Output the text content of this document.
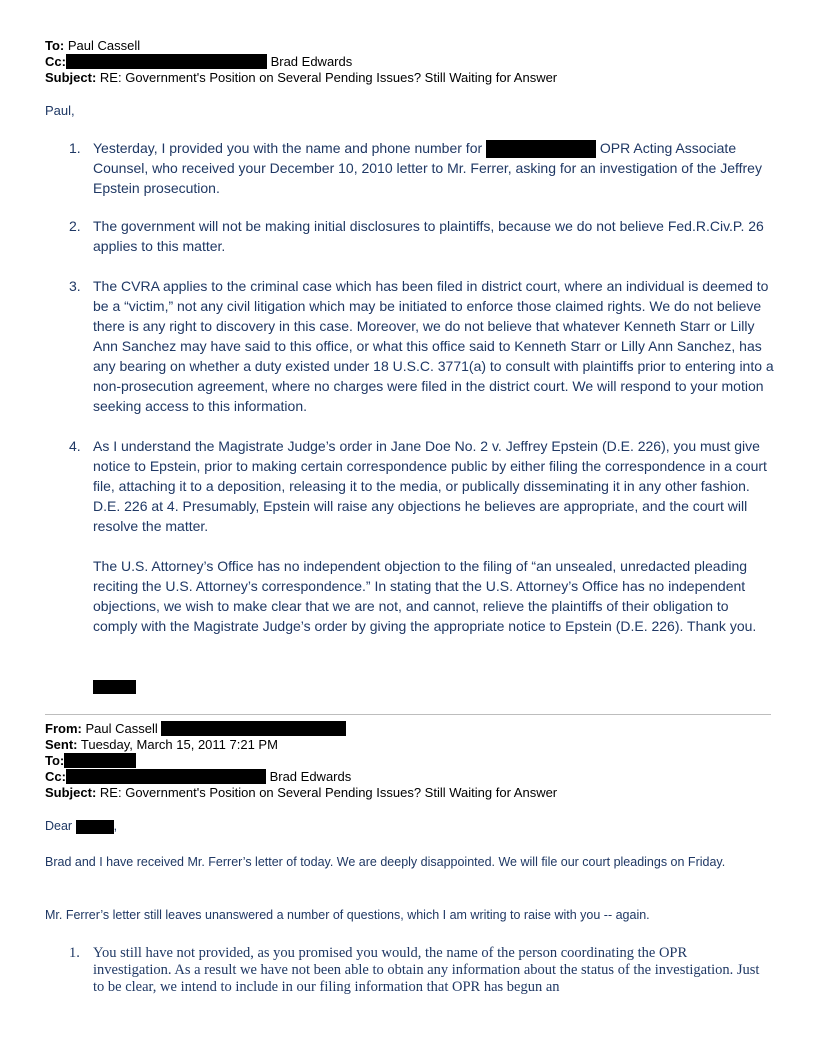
To: Paul Cassell
Cc:	Brad Edwards
Subject: RE: Government's Position on Several Pending Issues? Still Waiting for Answer
Paul,
1. Yesterday, I provided you with the name and phone number for	OPR Acting Associate Counsel, who received your December 10, 2010 letter to Mr. Ferrer, asking for an investigation of the Jeffrey Epstein prosecution.
2. The government will not be making initial disclosures to plaintiffs, because we do not believe Fed.R.Civ.P. 26 applies to this matter.
3. The CVRA applies to the criminal case which has been filed in district court, where an individual is deemed to be a “victim,” not any civil litigation which may be initiated to enforce those claimed rights. We do not believe there is any right to discovery in this case. Moreover, we do not believe that whatever Kenneth Starr or Lilly Ann Sanchez may have said to this office, or what this office said to Kenneth Starr or Lilly Ann Sanchez, has any bearing on whether a duty existed under 18 U.S.C. 3771(a) to consult with plaintiffs prior to entering into a non-prosecution agreement, where no charges were filed in the district court. We will respond to your motion seeking access to this information.
4. As I understand the Magistrate Judge’s order in Jane Doe No. 2 v. Jeffrey Epstein (D.E. 226), you must give notice to Epstein, prior to making certain correspondence public by either filing the correspondence in a court file, attaching it to a deposition, releasing it to the media, or publically disseminating it in any other fashion. D.E. 226 at 4. Presumably, Epstein will raise any objections he believes are appropriate, and the court will resolve the matter.
The U.S. Attorney’s Office has no independent objection to the filing of “an unsealed, unredacted pleading reciting the U.S. Attorney’s correspondence.” In stating that the U.S. Attorney’s Office has no independent objections, we wish to make clear that we are not, and cannot, relieve the plaintiffs of their obligation to comply with the Magistrate Judge’s order by giving the appropriate notice to Epstein (D.E. 226). Thank you.
From: Paul Cassell
Sent: Tuesday, March 15, 2011 7:21 PM
To:
Cc:	Brad Edwards
Subject: RE: Government's Position on Several Pending Issues? Still Waiting for Answer
Dear	,
Brad and I have received Mr. Ferrer’s letter of today. We are deeply disappointed. We will file our court pleadings on Friday.
Mr. Ferrer’s letter still leaves unanswered a number of questions, which I am writing to raise with you -- again.
1. You still have not provided, as you promised you would, the name of the person coordinating the OPR investigation. As a result we have not been able to obtain any information about the status of the investigation. Just to be clear, we intend to include in our filing information that OPR has begun an
